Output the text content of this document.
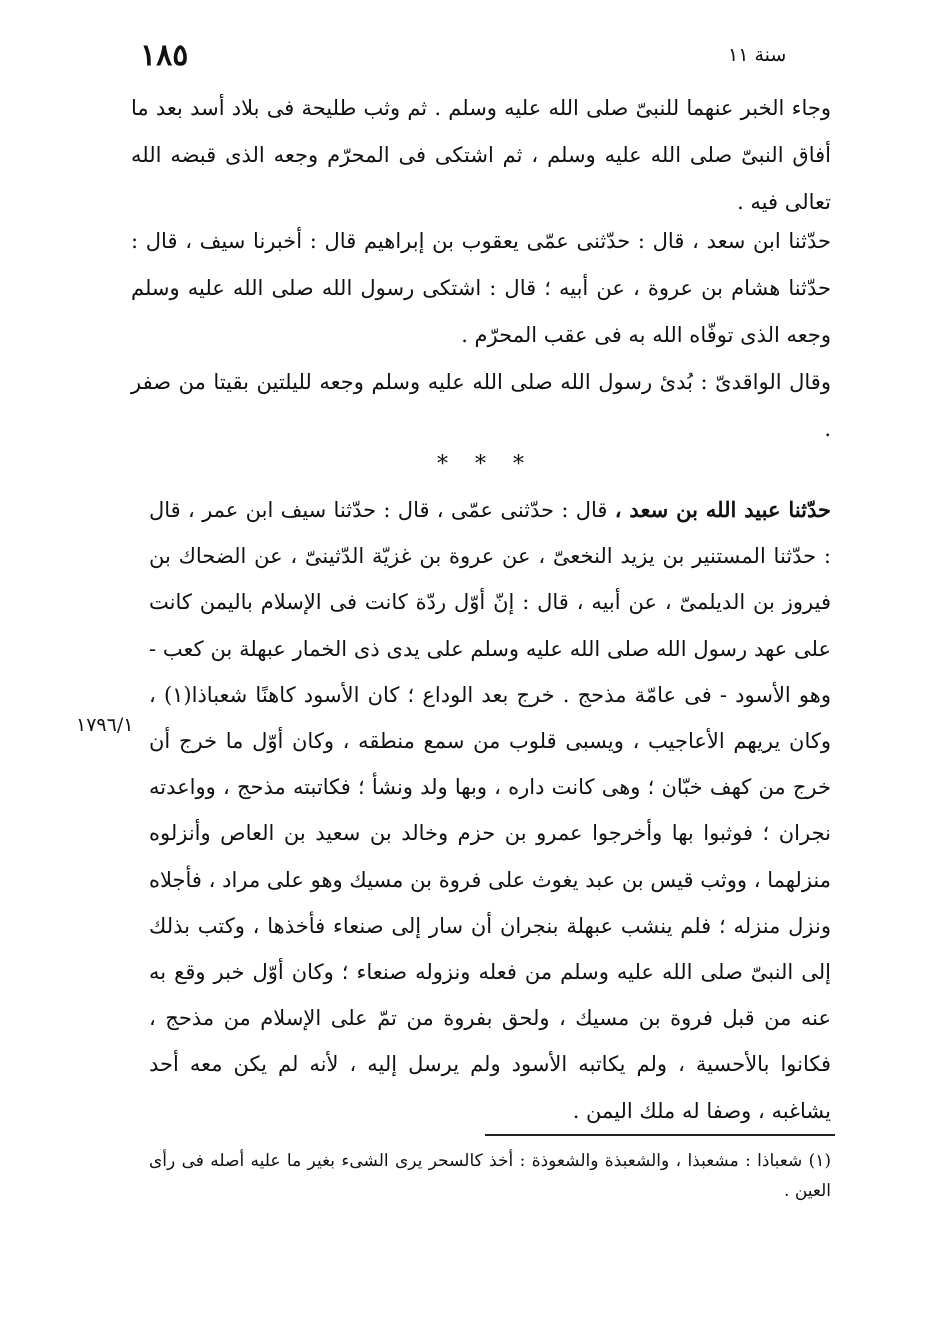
١٨٥	سنة ١١

وجاء الخبر عنهما للنبىّ صلى الله عليه وسلم . ثم وثب طليحة فى بلاد أسد بعد ما أفاق النبىّ صلى الله عليه وسلم ، ثم اشتكى فى المحرّم وجعه الذى قبضه الله تعالى فيه .

حدّثنا ابن سعد ، قال : حدّثنى عمّى يعقوب بن إبراهيم قال : أخبرنا سيف ، قال : حدّثنا هشام بن عروة ، عن أبيه ؛ قال : اشتكى رسول الله صلى الله عليه وسلم وجعه الذى توفّاه الله به فى عقب المحرّم .

وقال الواقدىّ : بُدئ رسول الله صلى الله عليه وسلم وجعه لليلتين بقيتا من صفر .

* * *

حدّثنا عبيد الله بن سعد ، قال : حدّثنى عمّى ، قال : حدّثنا سيف ابن عمر ، قال : حدّثنا المستنير بن يزيد النخعىّ ، عن عروة بن غزيّة الدّثينىّ ، عن الضحاك بن فيروز بن الديلمىّ ، عن أبيه ، قال : إنّ أوّل ردّة كانت فى الإسلام باليمن كانت على عهد رسول الله صلى الله عليه وسلم على يدى ذى الخمار عبهلة بن كعب - وهو الأسود - فى عامّة مذحج . خرج بعد الوداع ؛ كان الأسود كاهنًا شعباذا(١) ، وكان يريهم الأعاجيب ، ويسبى قلوب من سمع منطقه ، وكان أوّل ما خرج أن خرج من كهف خبّان ؛ وهى كانت داره ، وبها ولد ونشأ ؛ فكاتبته مذحج ، وواعدته نجران ؛ فوثبوا بها وأخرجوا عمرو بن حزم وخالد بن سعيد بن العاص وأنزلوه منزلهما ، ووثب قيس بن عبد يغوث على فروة بن مسيك وهو على مراد ، فأجلاه ونزل منزله ؛ فلم ينشب عبهلة بنجران أن سار إلى صنعاء فأخذها ، وكتب بذلك إلى النبىّ صلى الله عليه وسلم من فعله ونزوله صنعاء ؛ وكان أوّل خبر وقع به عنه من قبل فروة بن مسيك ، ولحق بفروة من تمّ على الإسلام من مذحج ، فكانوا بالأحسية ، ولم يكاتبه الأسود ولم يرسل إليه ، لأنه لم يكن معه أحد يشاغبه ، وصفا له ملك اليمن .

١٧٩٦/١

(١) شعباذا : مشعبذا ، والشعبذة والشعوذة : أخذ كالسحر يرى الشىء بغير ما عليه أصله فى رأى العين .
